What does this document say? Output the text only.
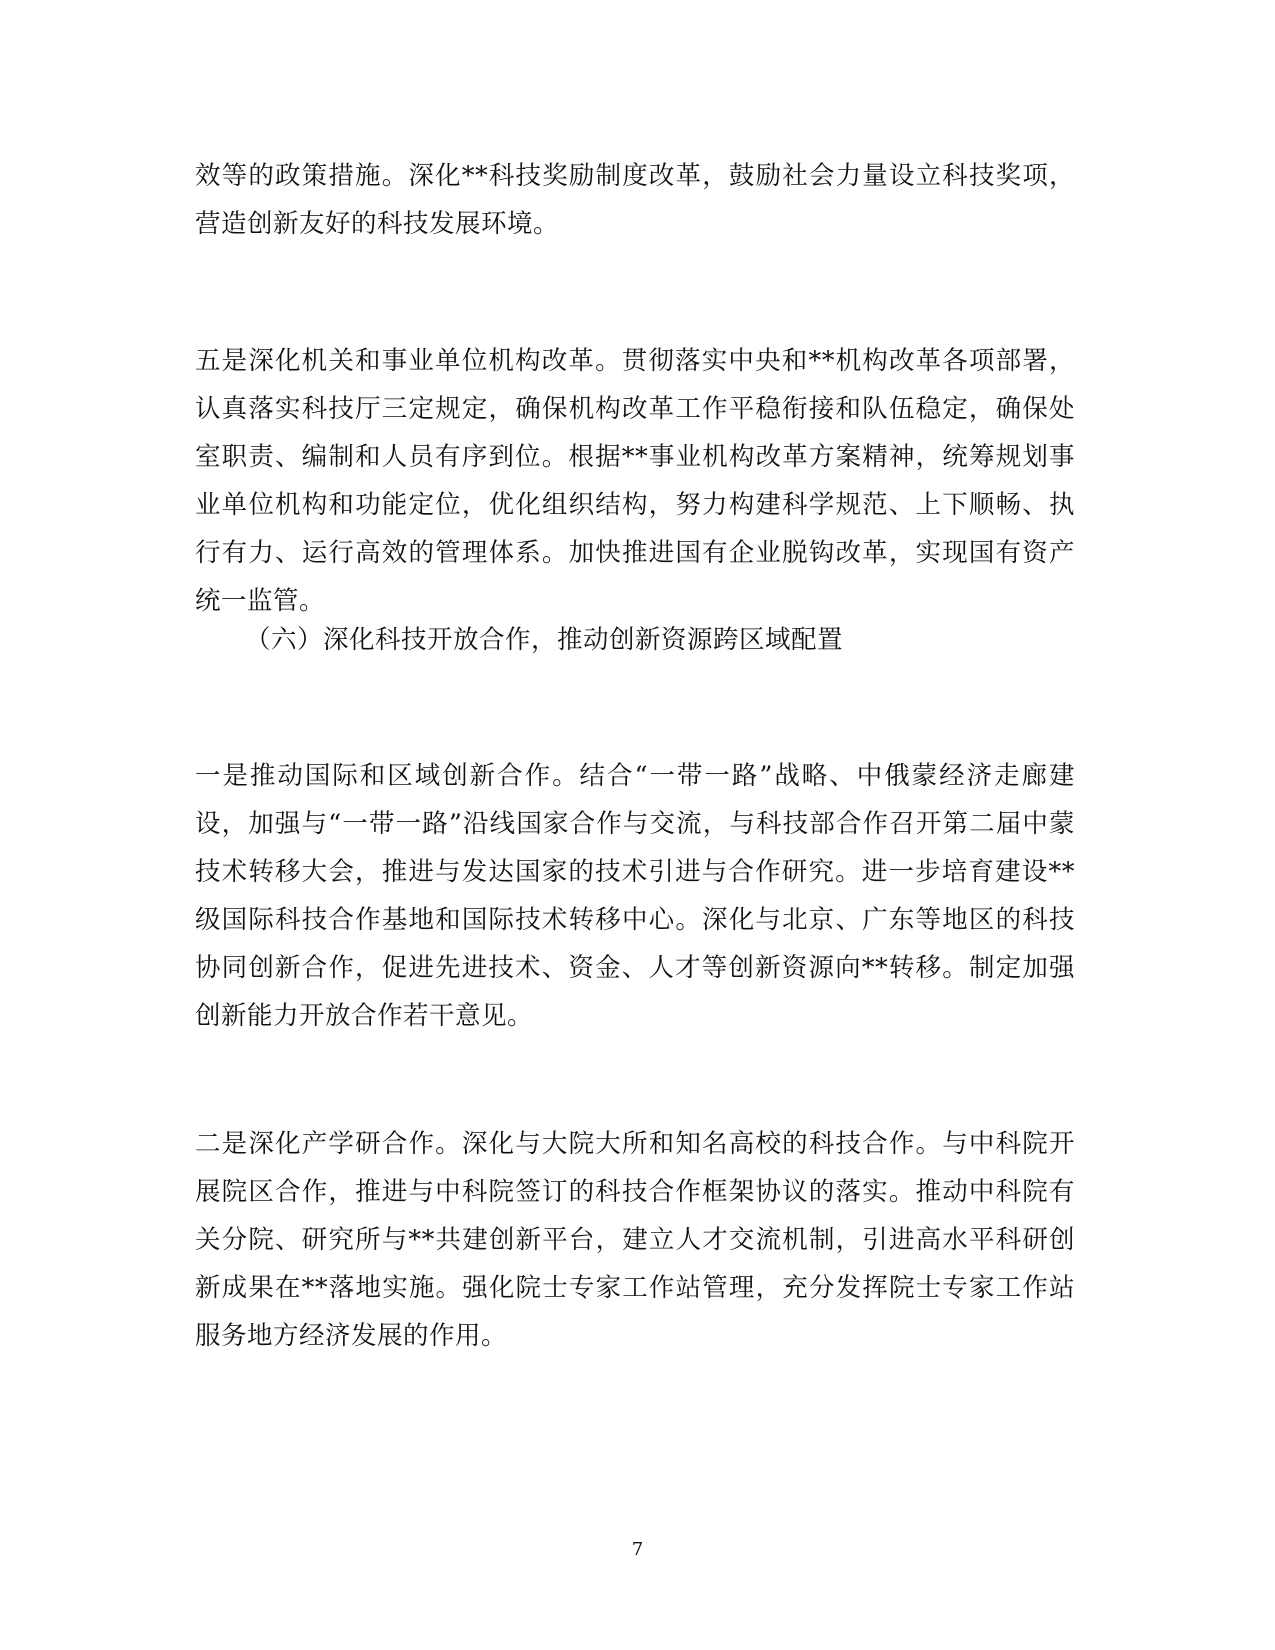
效等的政策措施。深化**科技奖励制度改革，鼓励社会力量设立科技奖项，营造创新友好的科技发展环境。

五是深化机关和事业单位机构改革。贯彻落实中央和**机构改革各项部署，认真落实科技厅三定规定，确保机构改革工作平稳衔接和队伍稳定，确保处室职责、编制和人员有序到位。根据**事业机构改革方案精神，统筹规划事业单位机构和功能定位，优化组织结构，努力构建科学规范、上下顺畅、执行有力、运行高效的管理体系。加快推进国有企业脱钩改革，实现国有资产统一监管。

（六）深化科技开放合作，推动创新资源跨区域配置

一是推动国际和区域创新合作。结合“一带一路”战略、中俄蒙经济走廊建设，加强与“一带一路”沿线国家合作与交流，与科技部合作召开第二届中蒙技术转移大会，推进与发达国家的技术引进与合作研究。进一步培育建设**级国际科技合作基地和国际技术转移中心。深化与北京、广东等地区的科技协同创新合作，促进先进技术、资金、人才等创新资源向**转移。制定加强创新能力开放合作若干意见。

二是深化产学研合作。深化与大院大所和知名高校的科技合作。与中科院开展院区合作，推进与中科院签订的科技合作框架协议的落实。推动中科院有关分院、研究所与**共建创新平台，建立人才交流机制，引进高水平科研创新成果在**落地实施。强化院士专家工作站管理，充分发挥院士专家工作站服务地方经济发展的作用。

7
